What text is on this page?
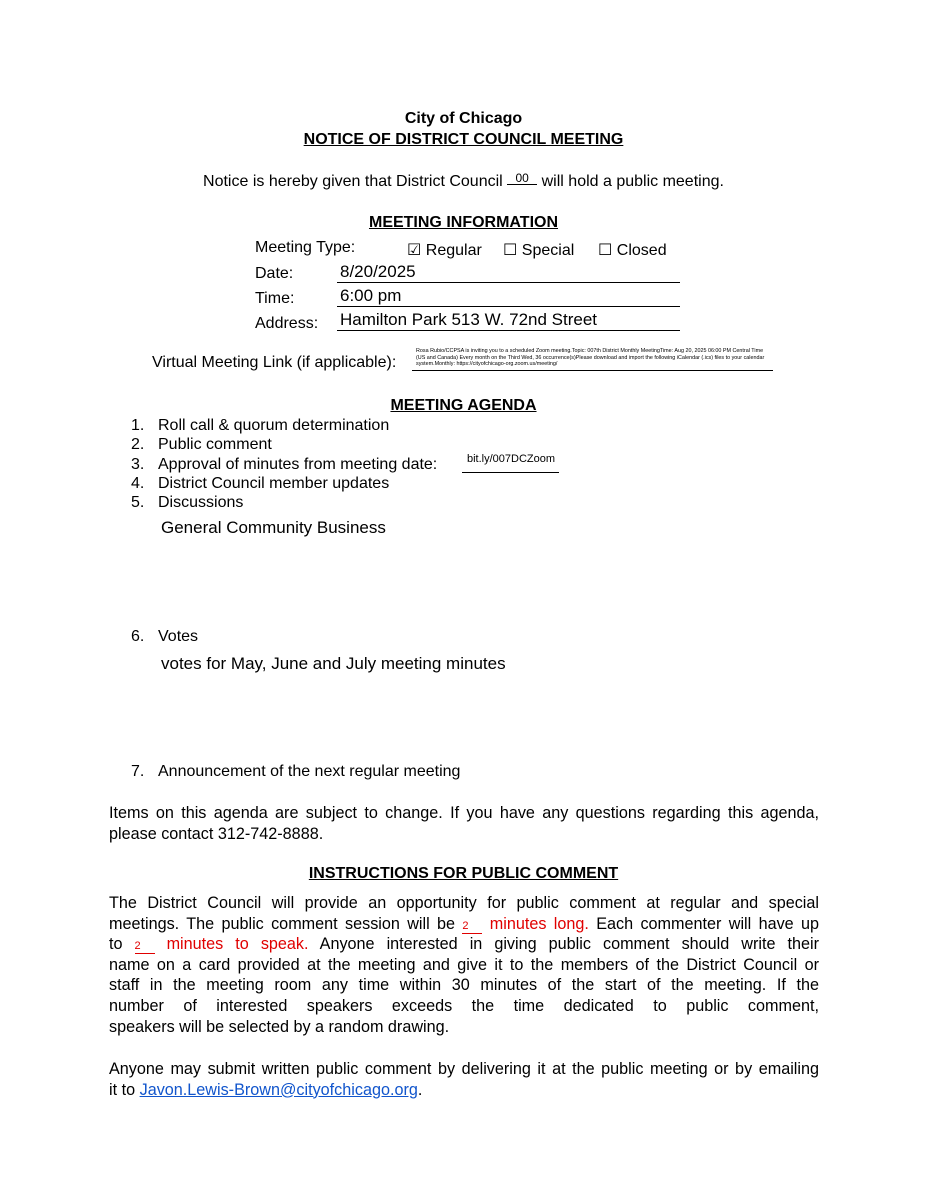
City of Chicago
NOTICE OF DISTRICT COUNCIL MEETING
Notice is hereby given that District Council 00 will hold a public meeting.
MEETING INFORMATION
Meeting Type:	☑ Regular ☐ Special ☐ Closed
Date:	8/20/2025
Time:	6:00 pm
Address: Hamilton Park 513 W. 72nd Street
Virtual Meeting Link (if applicable):
Rosa Rubio/CCPSA is inviting you to a scheduled Zoom meeting.Topic: 007th District Monthly MeetingTime: Aug 20, 2025 06:00 PM Central Time (US and Canada) Every month on the Third Wed, 36 occurrence(s)Please download and import the following iCalendar (.ics) files to your calendar system.Monthly: https://cityofchicago-org.zoom.us/meeting/
MEETING AGENDA
1. Roll call & quorum determination
2. Public comment
3. Approval of minutes from meeting date:	bit.ly/007DCZoom
4. District Council member updates
5. Discussions
General Community Business
6. Votes
votes for May, June and July meeting minutes
7. Announcement of the next regular meeting
Items on this agenda are subject to change. If you have any questions regarding this agenda,
please contact 312-742-8888.
INSTRUCTIONS FOR PUBLIC COMMENT
The District Council will provide an opportunity for public comment at regular and special
meetings. The public comment session will be 2 minutes long. Each commenter will have up
to 2 minutes to speak. Anyone interested in giving public comment should write their
name on a card provided at the meeting and give it to the members of the District Council or
staff in the meeting room any time within 30 minutes of the start of the meeting. If the
number of interested speakers exceeds the time dedicated to public comment,
speakers will be selected by a random drawing.
Anyone may submit written public comment by delivering it at the public meeting or by emailing
it to Javon.Lewis-Brown@cityofchicago.org.
